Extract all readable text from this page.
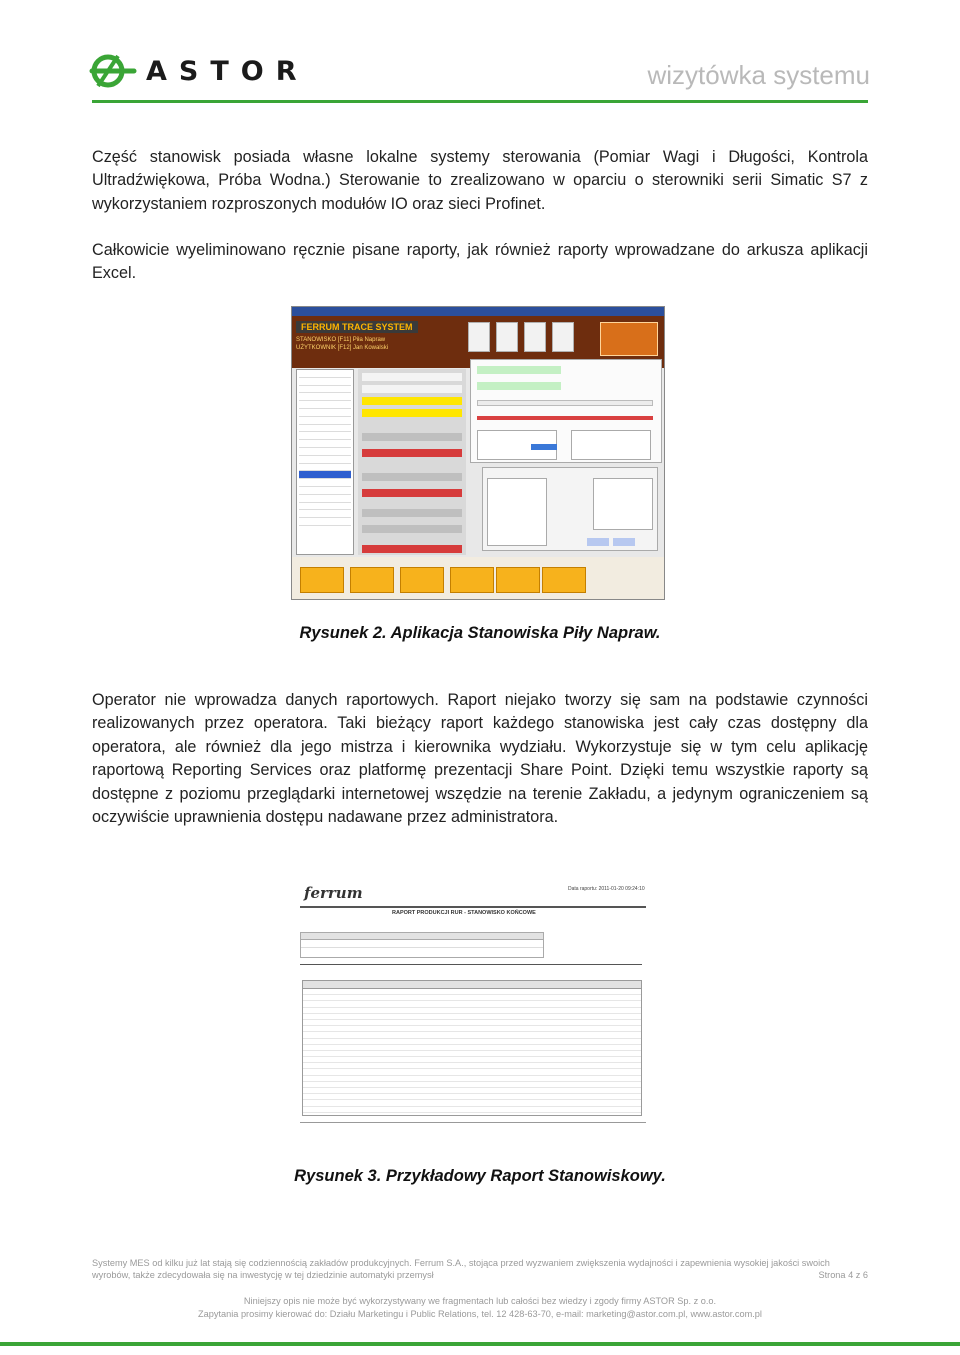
ASTOR	wizytówka systemu

Część stanowisk posiada własne lokalne systemy sterowania (Pomiar Wagi i Długości, Kontrola Ultradźwiękowa, Próba Wodna.) Sterowanie to zrealizowano w oparciu o sterowniki serii Simatic S7 z wykorzystaniem rozproszonych modułów IO oraz sieci Profinet.

Całkowicie wyeliminowano ręcznie pisane raporty, jak również raporty wprowadzane do arkusza aplikacji Excel.

FERRUM TRACE SYSTEM
STANOWISKO [F11] Piła Napraw
UŻYTKOWNIK [F12] Jan Kowalski
Rysunek 2. Aplikacja Stanowiska Piły Napraw.

Operator nie wprowadza danych raportowych. Raport niejako tworzy się sam na podstawie czynności realizowanych przez operatora. Taki bieżący raport każdego stanowiska jest cały czas dostępny dla operatora, ale również dla jego mistrza i kierownika wydziału. Wykorzystuje się w tym celu aplikację raportową Reporting Services oraz platformę prezentacji Share Point. Dzięki temu wszystkie raporty są dostępne z poziomu przeglądarki internetowej wszędzie na terenie Zakładu, a jedynym ograniczeniem są oczywiście uprawnienia dostępu nadawane przez administratora.

ferrum	Data raportu: 2011-01-20 09:24:10
RAPORT PRODUKCJI RUR - STANOWISKO KOŃCOWE
Rysunek 3. Przykładowy Raport Stanowiskowy.
Systemy MES od kilku już lat stają się codziennością zakładów produkcyjnych. Ferrum S.A., stojąca przed wyzwaniem zwiększenia wydajności i zapewnienia wysokiej jakości swoich
wyrobów, także zdecydowała się na inwestycję w tej dziedzinie automatyki przemysł	Strona 4 z 6
Niniejszy opis nie może być wykorzystywany we fragmentach lub całości bez wiedzy i zgody firmy ASTOR Sp. z o.o.
Zapytania prosimy kierować do: Działu Marketingu i Public Relations, tel. 12 428-63-70, e-mail: marketing@astor.com.pl, www.astor.com.pl
